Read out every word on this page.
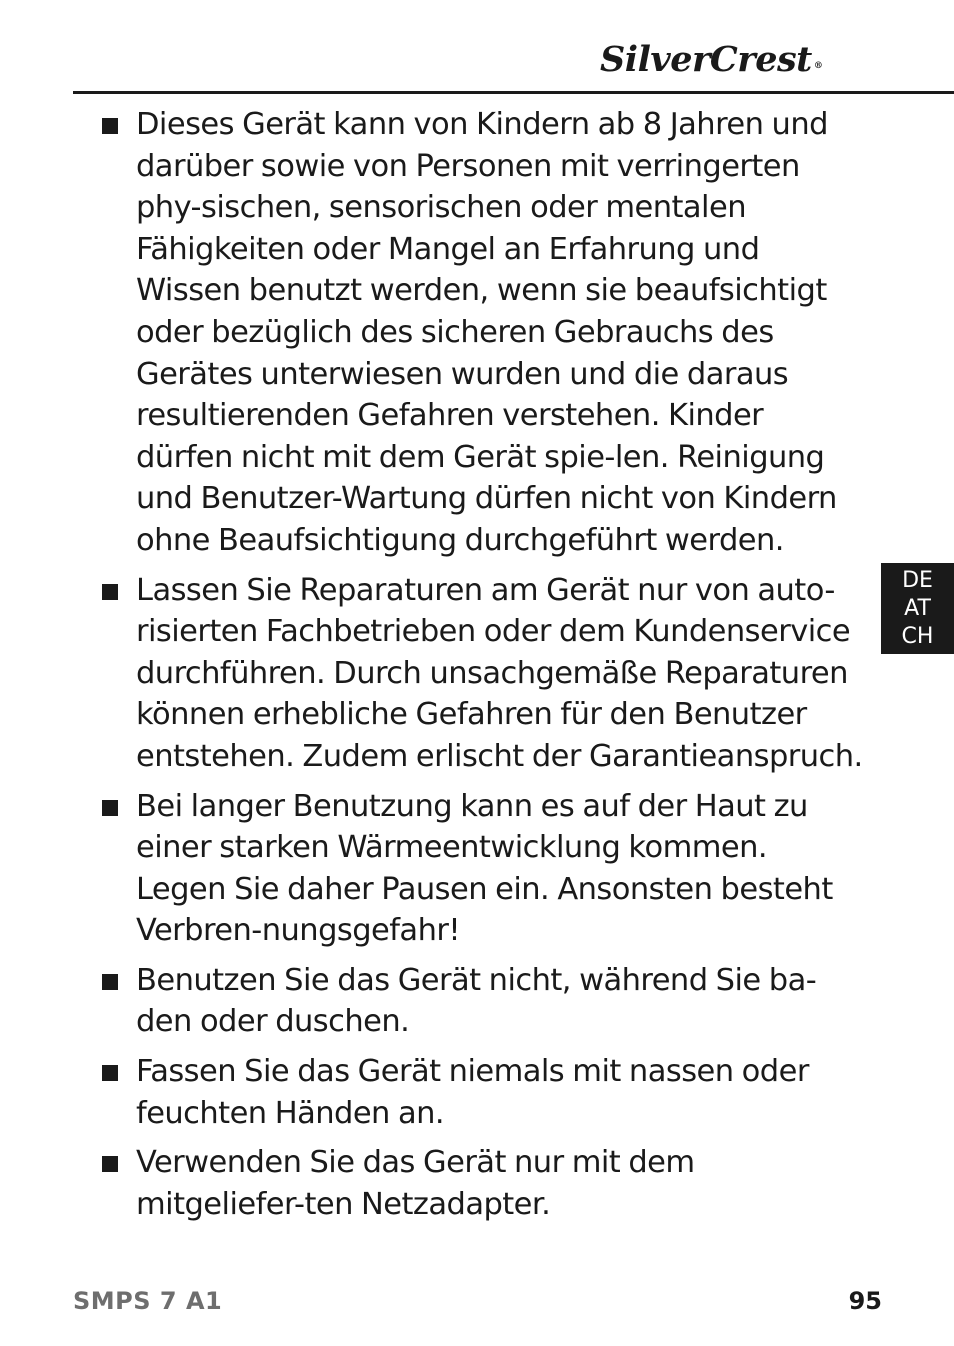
SilverCrest ®
Dieses Gerät kann von Kindern ab 8 Jahren und darüber sowie von Personen mit verringerten phy-sischen, sensorischen oder mentalen Fähigkeiten oder Mangel an Erfahrung und Wissen benutzt werden, wenn sie beaufsichtigt oder bezüglich des sicheren Gebrauchs des Gerätes unterwiesen wurden und die daraus resultierenden Gefahren verstehen. Kinder dürfen nicht mit dem Gerät spie-len. Reinigung und Benutzer-Wartung dürfen nicht von Kindern ohne Beaufsichtigung durchgeführt werden.
Lassen Sie Reparaturen am Gerät nur von auto-risierten Fachbetrieben oder dem Kundenservice durchführen. Durch unsachgemäße Reparaturen können erhebliche Gefahren für den Benutzer entstehen. Zudem erlischt der Garantieanspruch.
Bei langer Benutzung kann es auf der Haut zu einer starken Wärmeentwicklung kommen. Legen Sie daher Pausen ein. Ansonsten besteht Verbren-nungsgefahr!
Benutzen Sie das Gerät nicht, während Sie ba-den oder duschen.
Fassen Sie das Gerät niemals mit nassen oder feuchten Händen an.
Verwenden Sie das Gerät nur mit dem mitgeliefer-ten Netzadapter.
DE
AT
CH
SMPS 7 A1	95
